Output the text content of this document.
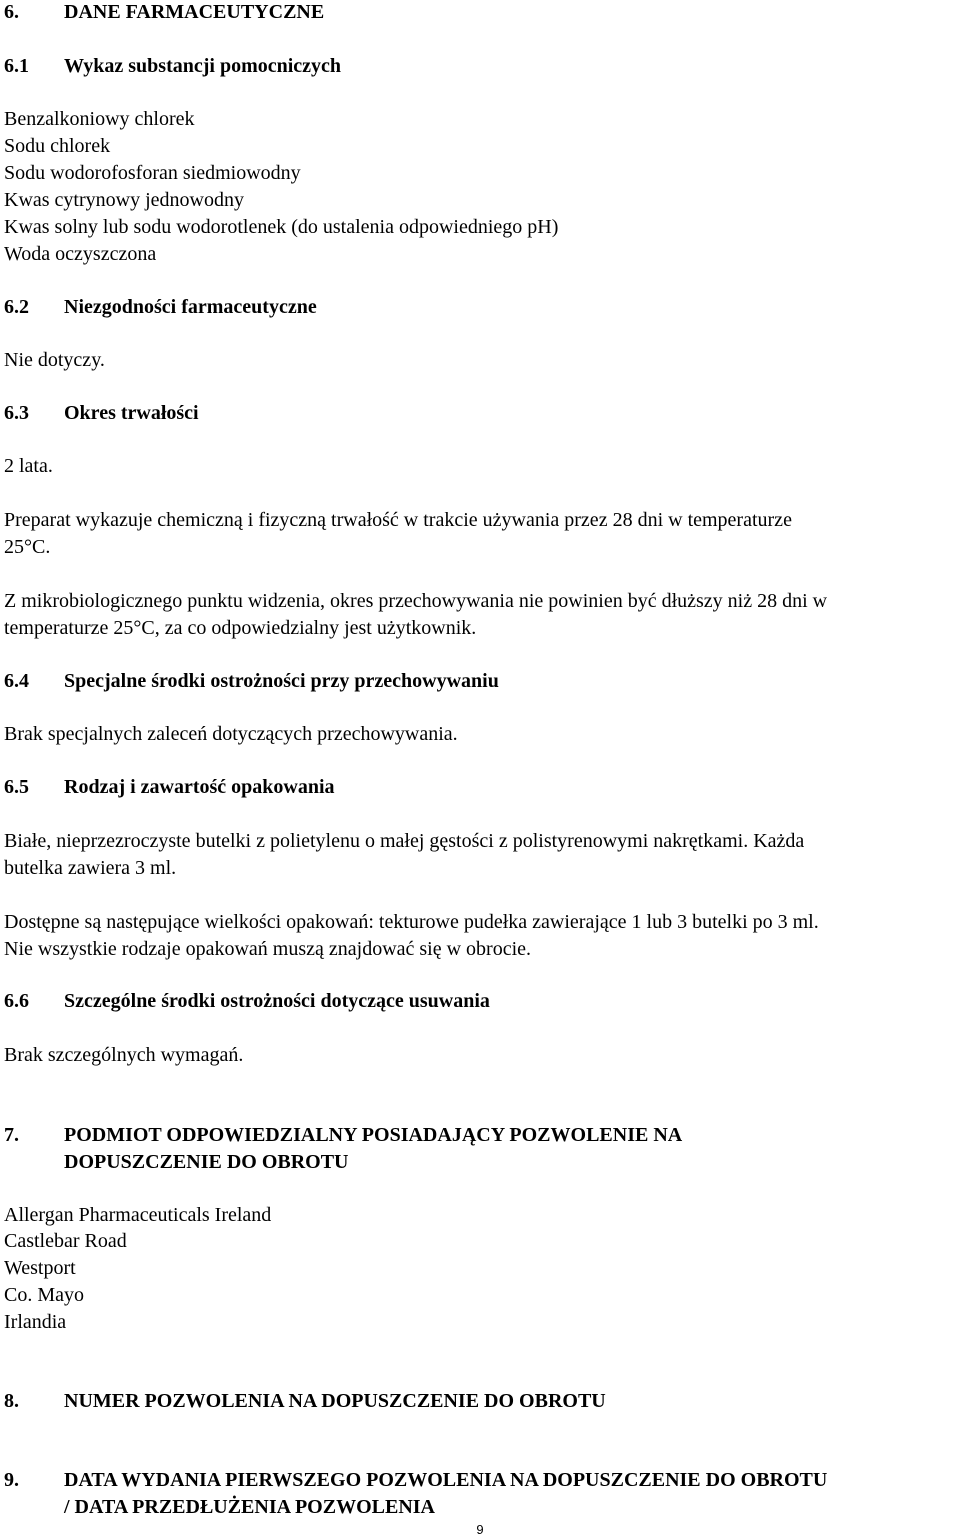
6. DANE FARMACEUTYCZNE
6.1 Wykaz substancji pomocniczych
Benzalkoniowy chlorek
Sodu chlorek
Sodu wodorofosforan siedmiowodny
Kwas cytrynowy jednowodny
Kwas solny lub sodu wodorotlenek (do ustalenia odpowiedniego pH)
Woda oczyszczona
6.2 Niezgodności farmaceutyczne
Nie dotyczy.
6.3 Okres trwałości
2 lata.
Preparat wykazuje chemiczną i fizyczną trwałość w trakcie używania przez 28 dni w temperaturze
25°C.
Z mikrobiologicznego punktu widzenia, okres przechowywania nie powinien być dłuższy niż 28 dni w
temperaturze 25°C, za co odpowiedzialny jest użytkownik.
6.4 Specjalne środki ostrożności przy przechowywaniu
Brak specjalnych zaleceń dotyczących przechowywania.
6.5 Rodzaj i zawartość opakowania
Białe, nieprzezroczyste butelki z polietylenu o małej gęstości z polistyrenowymi nakrętkami. Każda
butelka zawiera 3 ml.
Dostępne są następujące wielkości opakowań: tekturowe pudełka zawierające 1 lub 3 butelki po 3 ml.
Nie wszystkie rodzaje opakowań muszą znajdować się w obrocie.
6.6 Szczególne środki ostrożności dotyczące usuwania
Brak szczególnych wymagań.
7. PODMIOT ODPOWIEDZIALNY POSIADAJĄCY POZWOLENIE NA
DOPUSZCZENIE DO OBROTU
Allergan Pharmaceuticals Ireland
Castlebar Road
Westport
Co. Mayo
Irlandia
8. NUMER POZWOLENIA NA DOPUSZCZENIE DO OBROTU
9. DATA WYDANIA PIERWSZEGO POZWOLENIA NA DOPUSZCZENIE DO OBROTU
/ DATA PRZEDŁUŻENIA POZWOLENIA
9
